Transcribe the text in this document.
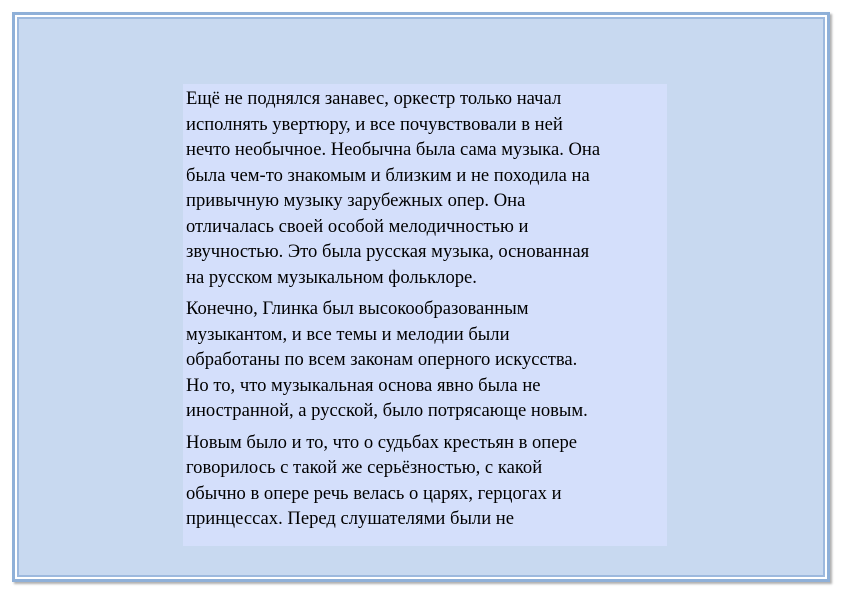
Ещё не поднялся занавес, оркестр только начал
исполнять увертюру, и все почувствовали в ней
нечто необычное. Необычна была сама музыка. Она
была чем-то знакомым и близким и не походила на
привычную музыку зарубежных опер. Она
отличалась своей особой мелодичностью и
звучностью. Это была русская музыка, основанная
на русском музыкальном фольклоре.

Конечно, Глинка был высокообразованным
музыкантом, и все темы и мелодии были
обработаны по всем законам оперного искусства.
Но то, что музыкальная основа явно была не
иностранной, а русской, было потрясающе новым.

Новым было и то, что о судьбах крестьян в опере
говорилось с такой же серьёзностью, с какой
обычно в опере речь велась о царях, герцогах и
принцессах. Перед слушателями были не
